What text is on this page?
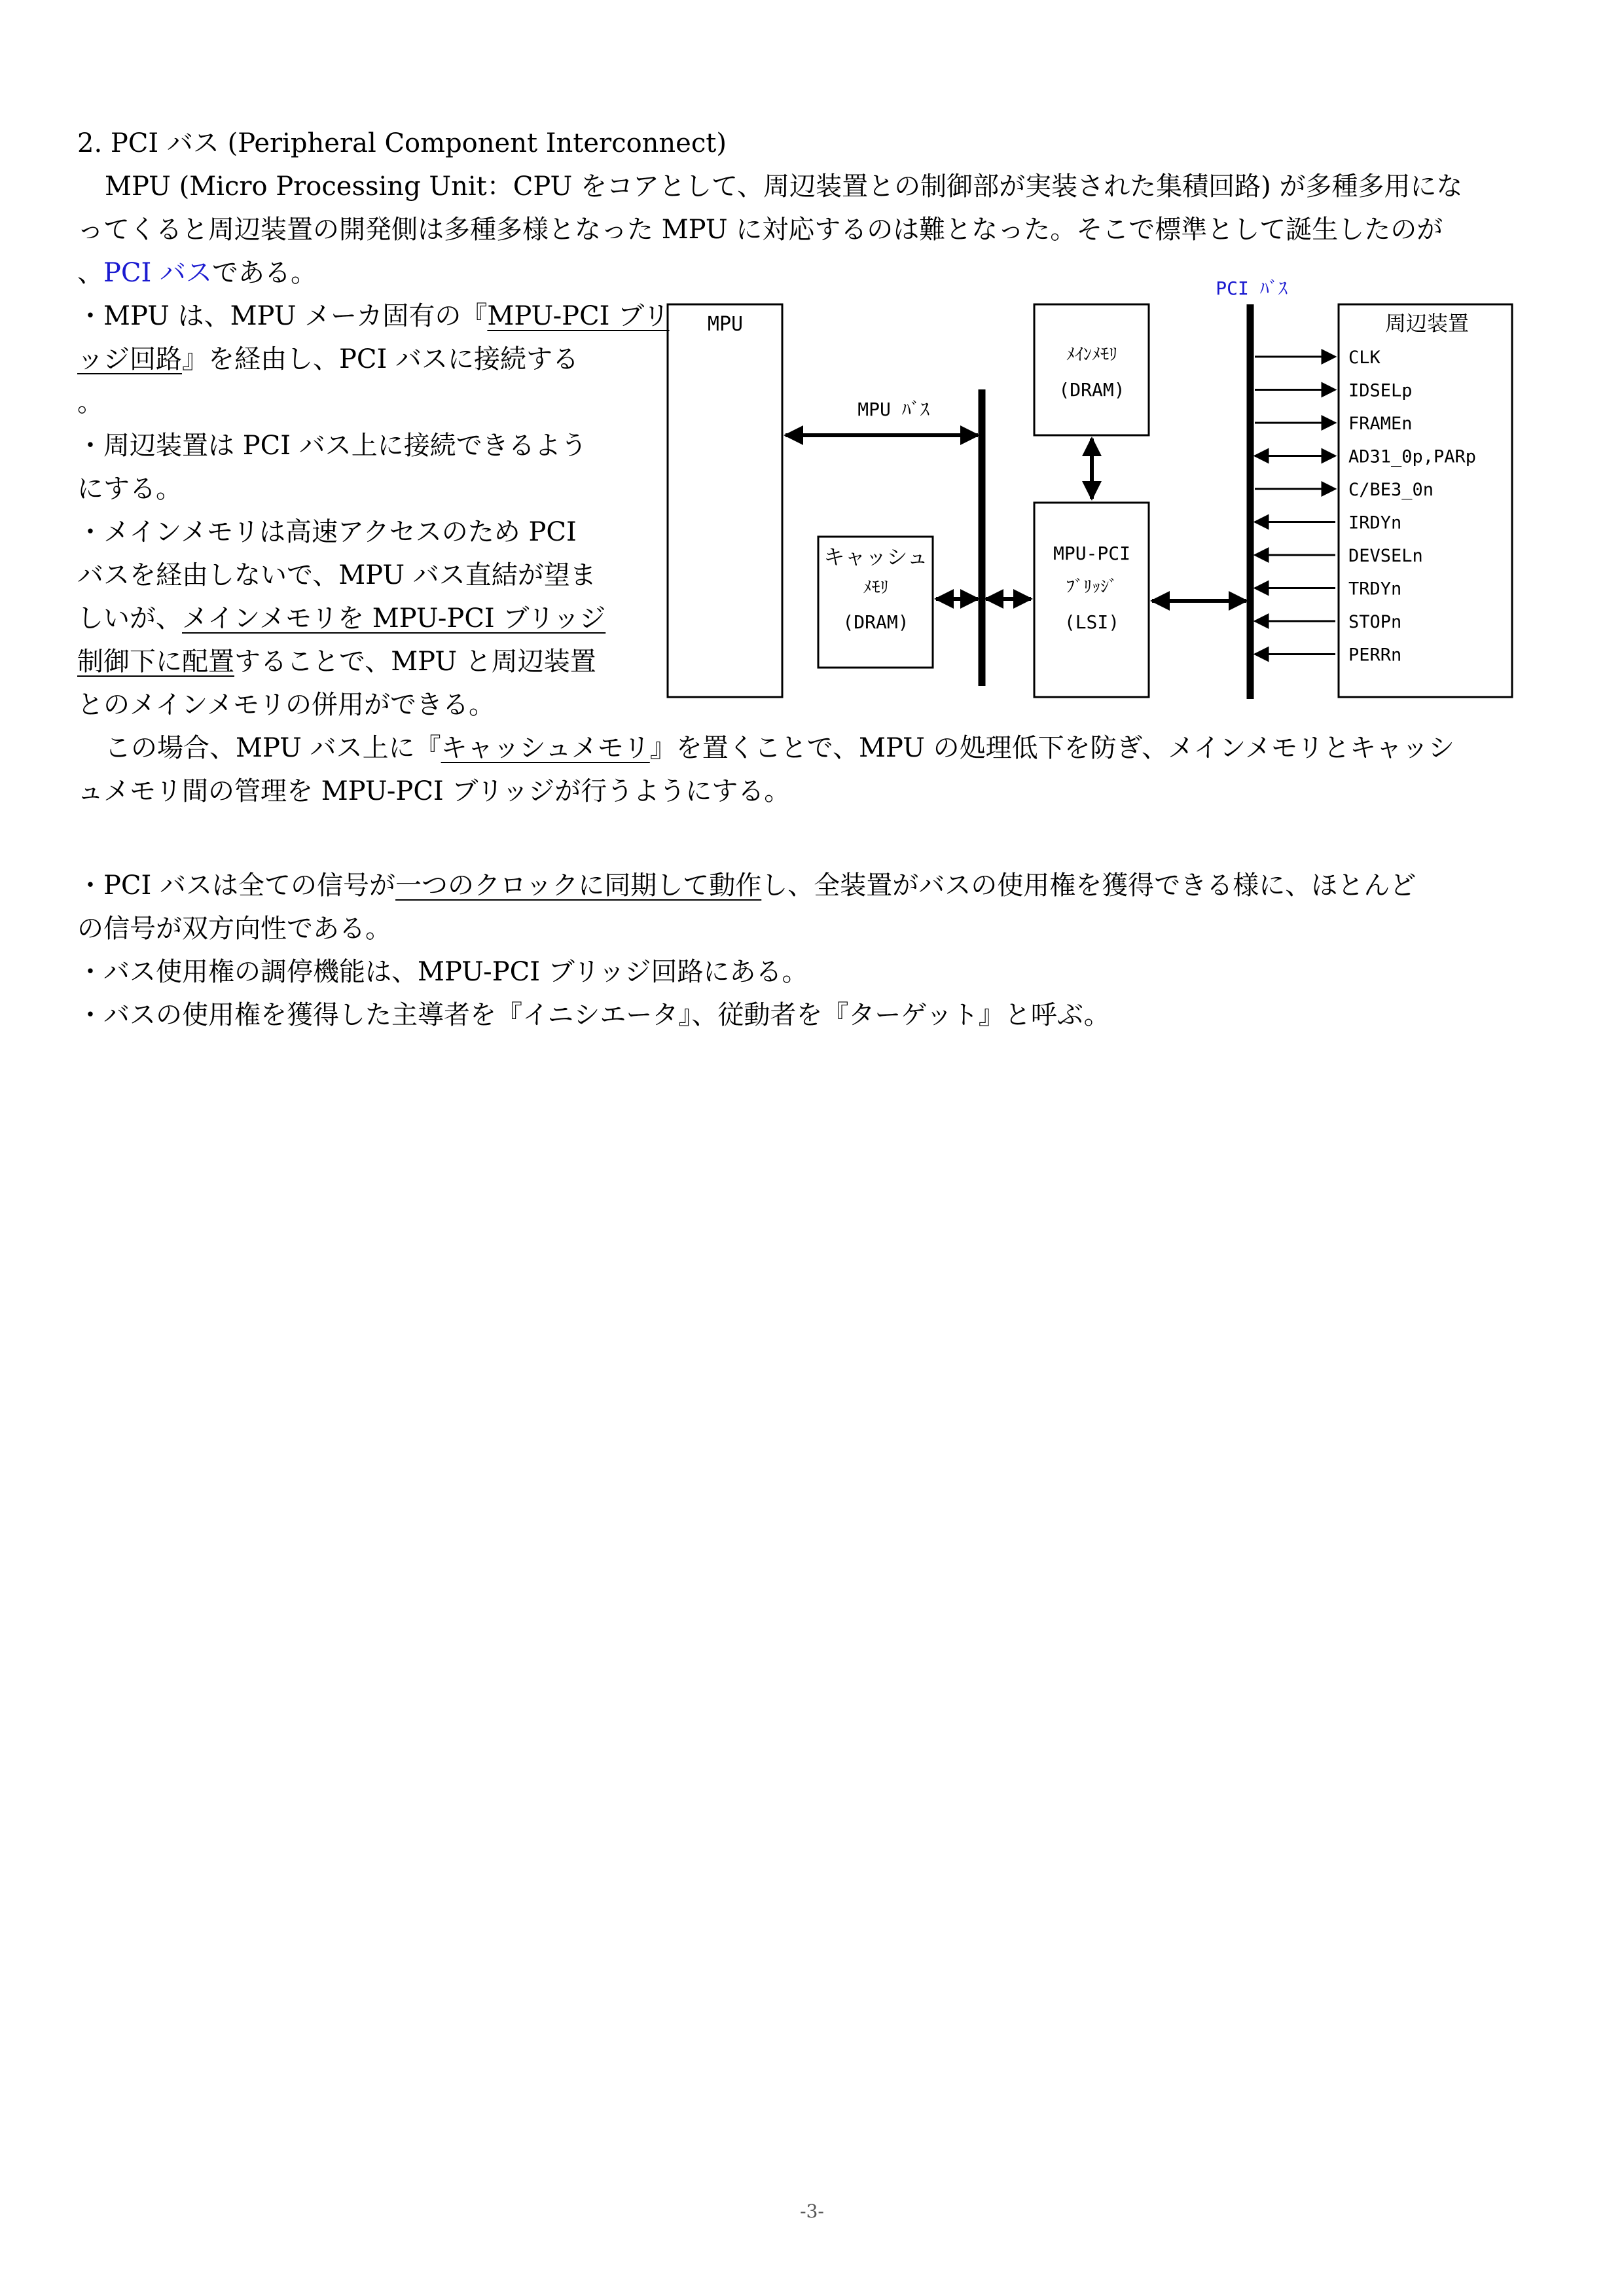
2. PCI バス (Peripheral Component Interconnect)
MPU (Micro Processing Unit：CPU をコアとして、周辺装置との制御部が実装された集積回路) が多種多用にな
ってくると周辺装置の開発側は多種多様となった MPU に対応するのは難となった。そこで標準として誕生したのが
、PCI バスである。
・MPU は、MPU メーカ固有の『MPU-PCI ブリ
ッジ回路』を経由し、PCI バスに接続する
。
・周辺装置は PCI バス上に接続できるよう
にする。
・メインメモリは高速アクセスのため PCI
バスを経由しないで、MPU バス直結が望ま
しいが、メインメモリを MPU-PCI ブリッジ
制御下に配置することで、MPU と周辺装置
とのメインメモリの併用ができる。
この場合、MPU バス上に『キャッシュメモリ』を置くことで、MPU の処理低下を防ぎ、メインメモリとキャッシ
ュメモリ間の管理を MPU-PCI ブリッジが行うようにする。
・PCI バスは全ての信号が一つのクロックに同期して動作し、全装置がバスの使用権を獲得できる様に、ほとんど
の信号が双方向性である。
・バス使用権の調停機能は、MPU-PCI ブリッジ回路にある。
・バスの使用権を獲得した主導者を『イニシエータ』、従動者を『ターゲット』と呼ぶ。
MPU
MPU ﾊﾞｽ
キャッシュ
ﾒﾓﾘ
(DRAM)
ﾒｲﾝﾒﾓﾘ
(DRAM)
MPU-PCI
ﾌﾞﾘｯｼﾞ
(LSI)
PCI ﾊﾞｽ
周辺装置
CLK
IDSELp
FRAMEn
AD31_0p,PARp
C/BE3_0n
IRDYn
DEVSELn
TRDYn
STOPn
PERRn
-3-
